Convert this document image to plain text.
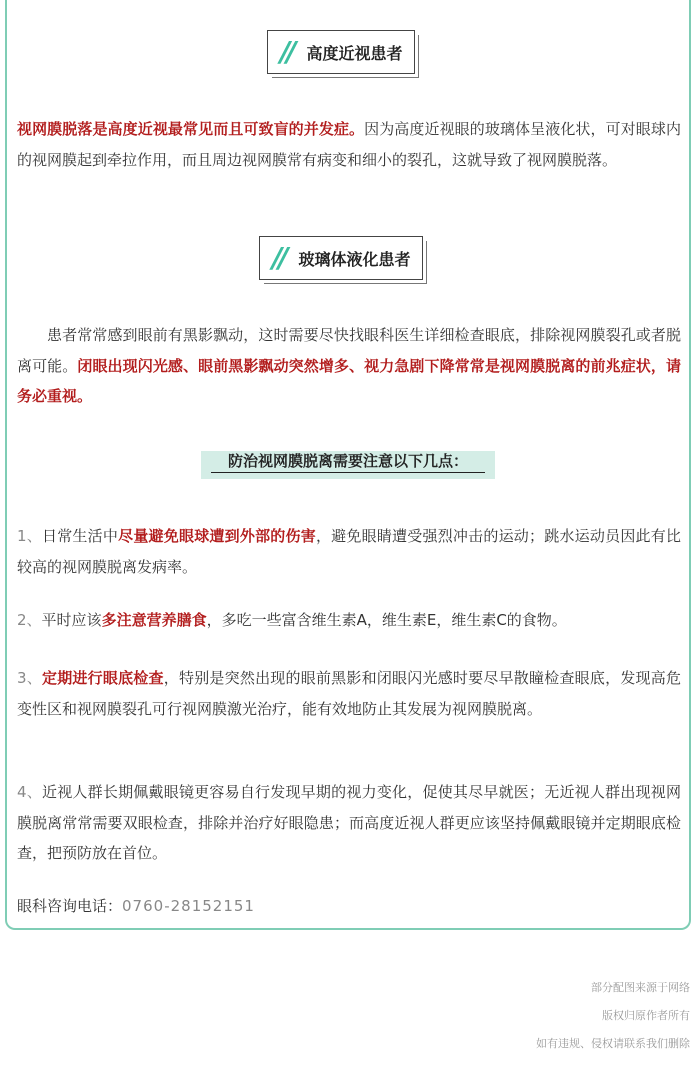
// 高度近视患者

视网膜脱落是高度近视最常见而且可致盲的并发症。因为高度近视眼的玻璃体呈液化状，可对眼球内的视网膜起到牵拉作用，而且周边视网膜常有病变和细小的裂孔，这就导致了视网膜脱落。

// 玻璃体液化患者

患者常常感到眼前有黑影飘动，这时需要尽快找眼科医生详细检查眼底，排除视网膜裂孔或者脱离可能。闭眼出现闪光感、眼前黑影飘动突然增多、视力急剧下降常常是视网膜脱离的前兆症状，请务必重视。

防治视网膜脱离需要注意以下几点：

1、日常生活中尽量避免眼球遭到外部的伤害，避免眼睛遭受强烈冲击的运动；跳水运动员因此有比较高的视网膜脱离发病率。

2、平时应该多注意营养膳食，多吃一些富含维生素A，维生素E，维生素C的食物。

3、定期进行眼底检查，特别是突然出现的眼前黑影和闭眼闪光感时要尽早散瞳检查眼底，发现高危变性区和视网膜裂孔可行视网膜激光治疗，能有效地防止其发展为视网膜脱离。

4、近视人群长期佩戴眼镜更容易自行发现早期的视力变化，促使其尽早就医；无近视人群出现视网膜脱离常常需要双眼检查，排除并治疗好眼隐患；而高度近视人群更应该坚持佩戴眼镜并定期眼底检查，把预防放在首位。

眼科咨询电话：0760-28152151

部分配图来源于网络
版权归原作者所有
如有违规、侵权请联系我们删除
